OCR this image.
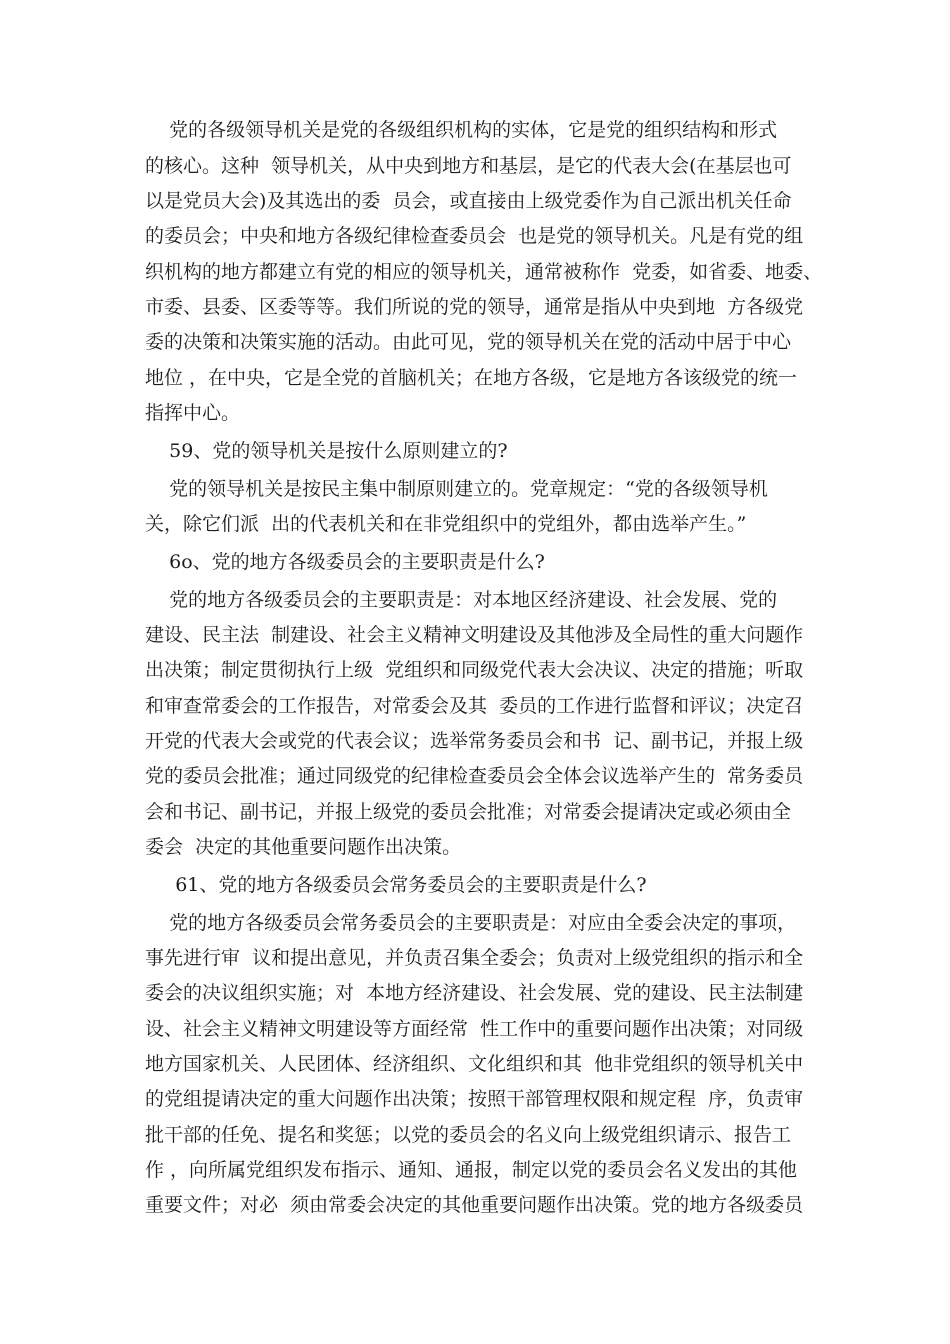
党的各级领导机关是党的各级组织机构的实体，它是党的组织结构和形式
的核心。这种  领导机关，从中央到地方和基层，是它的代表大会(在基层也可
以是党员大会)及其选出的委  员会，或直接由上级党委作为自己派出机关任命
的委员会；中央和地方各级纪律检查委员会  也是党的领导机关。凡是有党的组
织机构的地方都建立有党的相应的领导机关，通常被称作  党委，如省委、地委、
市委、县委、区委等等。我们所说的党的领导，通常是指从中央到地  方各级党
委的决策和决策实施的活动。由此可见，党的领导机关在党的活动中居于中心
地位 ，在中央，它是全党的首脑机关；在地方各级，它是地方各该级党的统一
指挥中心。
59、党的领导机关是按什么原则建立的?
党的领导机关是按民主集中制原则建立的。党章规定：“党的各级领导机
关，除它们派  出的代表机关和在非党组织中的党组外，都由选举产生。”
6o、党的地方各级委员会的主要职责是什么?
党的地方各级委员会的主要职责是：对本地区经济建设、社会发展、党的
建设、民主法  制建设、社会主义精神文明建设及其他涉及全局性的重大问题作
出决策；制定贯彻执行上级  党组织和同级党代表大会决议、决定的措施；听取
和审查常委会的工作报告，对常委会及其  委员的工作进行监督和评议；决定召
开党的代表大会或党的代表会议；选举常务委员会和书  记、副书记，并报上级
党的委员会批准；通过同级党的纪律检查委员会全体会议选举产生的  常务委员
会和书记、副书记，并报上级党的委员会批准；对常委会提请决定或必须由全
委会  决定的其他重要问题作出决策。
61、党的地方各级委员会常务委员会的主要职责是什么?
党的地方各级委员会常务委员会的主要职责是：对应由全委会决定的事项，
事先进行审  议和提出意见，并负责召集全委会；负责对上级党组织的指示和全
委会的决议组织实施；对  本地方经济建设、社会发展、党的建设、民主法制建
设、社会主义精神文明建设等方面经常  性工作中的重要问题作出决策；对同级
地方国家机关、人民团体、经济组织、文化组织和其  他非党组织的领导机关中
的党组提请决定的重大问题作出决策；按照干部管理权限和规定程  序，负责审
批干部的任免、提名和奖惩；以党的委员会的名义向上级党组织请示、报告工
作 ，向所属党组织发布指示、通知、通报，制定以党的委员会名义发出的其他
重要文件；对必  须由常委会决定的其他重要问题作出决策。党的地方各级委员
